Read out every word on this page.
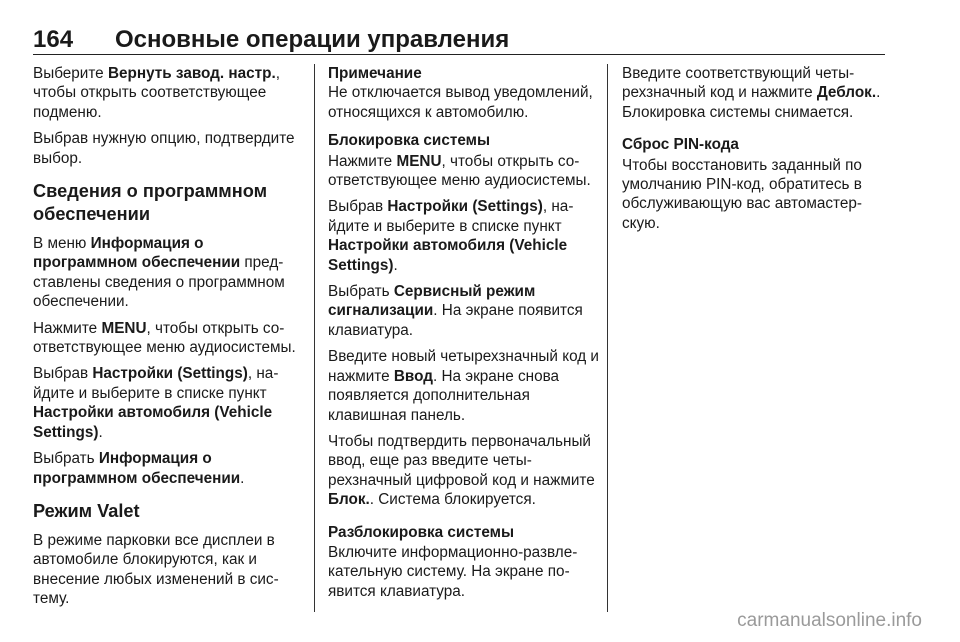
164 Основные операции управления

Выберите Вернуть завод. настр., чтобы открыть соответствующее подменю.

Выбрав нужную опцию, подтвердите выбор.

Сведения о программном обеспечении

В меню Информация о программном обеспечении представлены сведения о программном обеспечении.

Нажмите MENU, чтобы открыть соответствующее меню аудиосистемы.

Выбрав Настройки (Settings), найдите и выберите в списке пункт Настройки автомобиля (Vehicle Settings).

Выбрать Информация о программном обеспечении.

Режим Valet

В режиме парковки все дисплеи в автомобиле блокируются, как и внесение любых изменений в систему.

Примечание
Не отключается вывод уведомлений, относящихся к автомобилю.
Блокировка системы

Нажмите MENU, чтобы открыть соответствующее меню аудиосистемы.

Выбрав Настройки (Settings), найдите и выберите в списке пункт Настройки автомобиля (Vehicle Settings).

Выбрать Сервисный режим сигнализации. На экране появится клавиатура.

Введите новый четырехзначный код и нажмите Ввод. На экране снова появляется дополнительная клавишная панель.

Чтобы подтвердить первоначальный ввод, еще раз введите четырехзначный цифровой код и нажмите Блок.. Система блокируется.

Разблокировка системы

Включите информационно-развлекательную систему. На экране появится клавиатура.

Введите соответствующий четырехзначный код и нажмите Деблок.. Блокировка системы снимается.

Сброс PIN-кода

Чтобы восстановить заданный по умолчанию PIN-код, обратитесь в обслуживающую вас автомастерскую.

carmanualsonline.info
